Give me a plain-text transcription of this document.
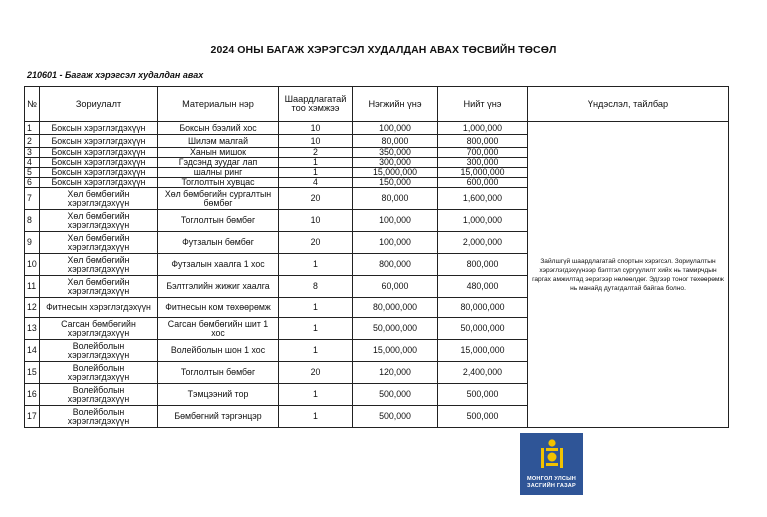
2024 ОНЫ БАГАЖ ХЭРЭГСЭЛ ХУДАЛДАН АВАХ ТӨСВИЙН ТӨСӨЛ
210601 - Багаж хэрэгсэл худалдан авах
№	Зориулалт	Материалын нэр	Шаардлагатай тоо хэмжээ	Нэгжийн үнэ	Нийт үнэ	Үндэслэл, тайлбар
1	Боксын хэрэглэгдэхүүн	Боксын бээлий хос	10	100,000	1,000,000	Зайлшгүй шаардлагатай спортын хэрэгсэл. Зориулалтын хэрэглэгдэхүүнээр бэлтгэл сургуулилт хийх нь тамирчдын гаргах амжилтад эерэгээр нөлөөлдөг. Эдгээр тоног төхөөрөмж нь манайд дутагдалтай байгаа болно.
2	Боксын хэрэглэгдэхүүн	Шилэм малгай	10	80,000	800,000	
3	Боксын хэрэглэгдэхүүн	Ханын мишок	2	350,000	700,000	
4	Боксын хэрэглэгдэхүүн	Гэдсэнд зуудаг лап	1	300,000	300,000	
5	Боксын хэрэглэгдэхүүн	шалны ринг	1	15,000,000	15,000,000	
6	Боксын хэрэглэгдэхүүн	Тоглолтын хувцас	4	150,000	600,000	
7	Хөл бөмбөгийн хэрэглэгдэхүүн	Хөл бөмбөгийн сургалтын бөмбөг	20	80,000	1,600,000	
8	Хөл бөмбөгийн хэрэглэгдэхүүн	Тоглолтын бөмбөг	10	100,000	1,000,000	
9	Хөл бөмбөгийн хэрэглэгдэхүүн	Футзалын бөмбөг	20	100,000	2,000,000	
10	Хөл бөмбөгийн хэрэглэгдэхүүн	Футзалын хаалга 1 хос	1	800,000	800,000	
11	Хөл бөмбөгийн хэрэглэгдэхүүн	Бэлтгэлийн жижиг хаалга	8	60,000	480,000	
12	Фитнесын хэрэглэгдэхүүн	Фитнесын ком төхөөрөмж	1	80,000,000	80,000,000	
13	Сагсан бөмбөгийн хэрэглэгдэхүүн	Сагсан бөмбөгийн шит 1 хос	1	50,000,000	50,000,000	
14	Волейболын хэрэглэгдэхүүн	Волейболын шон 1 хос	1	15,000,000	15,000,000	
15	Волейболын хэрэглэгдэхүүн	Тоглолтын бөмбөг	20	120,000	2,400,000	
16	Волейболын хэрэглэгдэхүүн	Тэмцээний тор	1	500,000	500,000	
17	Волейболын хэрэглэгдэхүүн	Бөмбөгний тэргэнцэр	1	500,000	500,000	
МОНГОЛ УЛСЫН
ЗАСГИЙН ГАЗАР
